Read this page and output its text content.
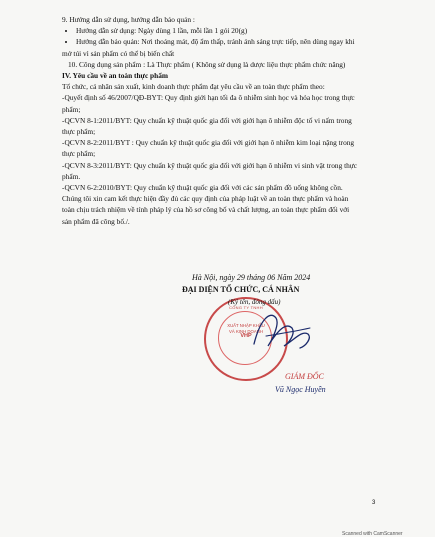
9. Hướng dẫn sử dụng, hướng dẫn bảo quản :

• Hướng dẫn sử dụng: Ngày dùng 1 lần, mỗi lần 1 gói 20(g)
• Hướng dẫn bảo quản: Nơi thoáng mát, độ ẩm thấp, tránh ánh sáng trực tiếp, nên dùng ngay khi

mở túi vì sản phẩm có thể bị biến chất

10. Công dụng sản phẩm : Là Thực phẩm ( Không sử dụng là dược liệu thực phẩm chức năng)

IV. Yêu cầu về an toàn thực phẩm

Tổ chức, cá nhân sản xuất, kinh doanh thực phẩm đạt yêu cầu về an toàn thực phẩm theo:

-Quyết định số 46/2007/QĐ-BYT: Quy định giới hạn tối đa ô nhiễm sinh học và hóa học trong thực

phẩm;

-QCVN 8-1:2011/BYT: Quy chuẩn kỹ thuật quốc gia đối với giới hạn ô nhiễm độc tố vi nấm trong

thực phẩm;

-QCVN 8-2:2011/BYT : Quy chuẩn kỹ thuật quốc gia đối với giới hạn ô nhiễm kim loại nặng trong

thực phẩm;

-QCVN 8-3:2011/BYT: Quy chuẩn kỹ thuật quốc gia đối với giới hạn ô nhiễm vi sinh vật trong thực

phẩm.

-QCVN 6-2:2010/BYT: Quy chuẩn kỹ thuật quốc gia đối với các sản phẩm đồ uống không cồn.

Chúng tôi xin cam kết thực hiện đầy đủ các quy định của pháp luật về an toàn thực phẩm và hoàn

toàn chịu trách nhiệm về tính pháp lý của hồ sơ công bố và chất lượng, an toàn thực phẩm đối với

sản phẩm đã công bố./.

Hà Nội, ngày 29 tháng 06 Năm 2024
ĐẠI DIỆN TỔ CHỨC, CÁ NHÂN
CÔNG TY TNHH
XUẤT NHẬP KHẨU
VÀ KINH DOANH
VHP
(Ký tên, đóng dấu)
GIÁM ĐỐC
Vũ Ngọc Huyền
3
Scanned with CamScanner
